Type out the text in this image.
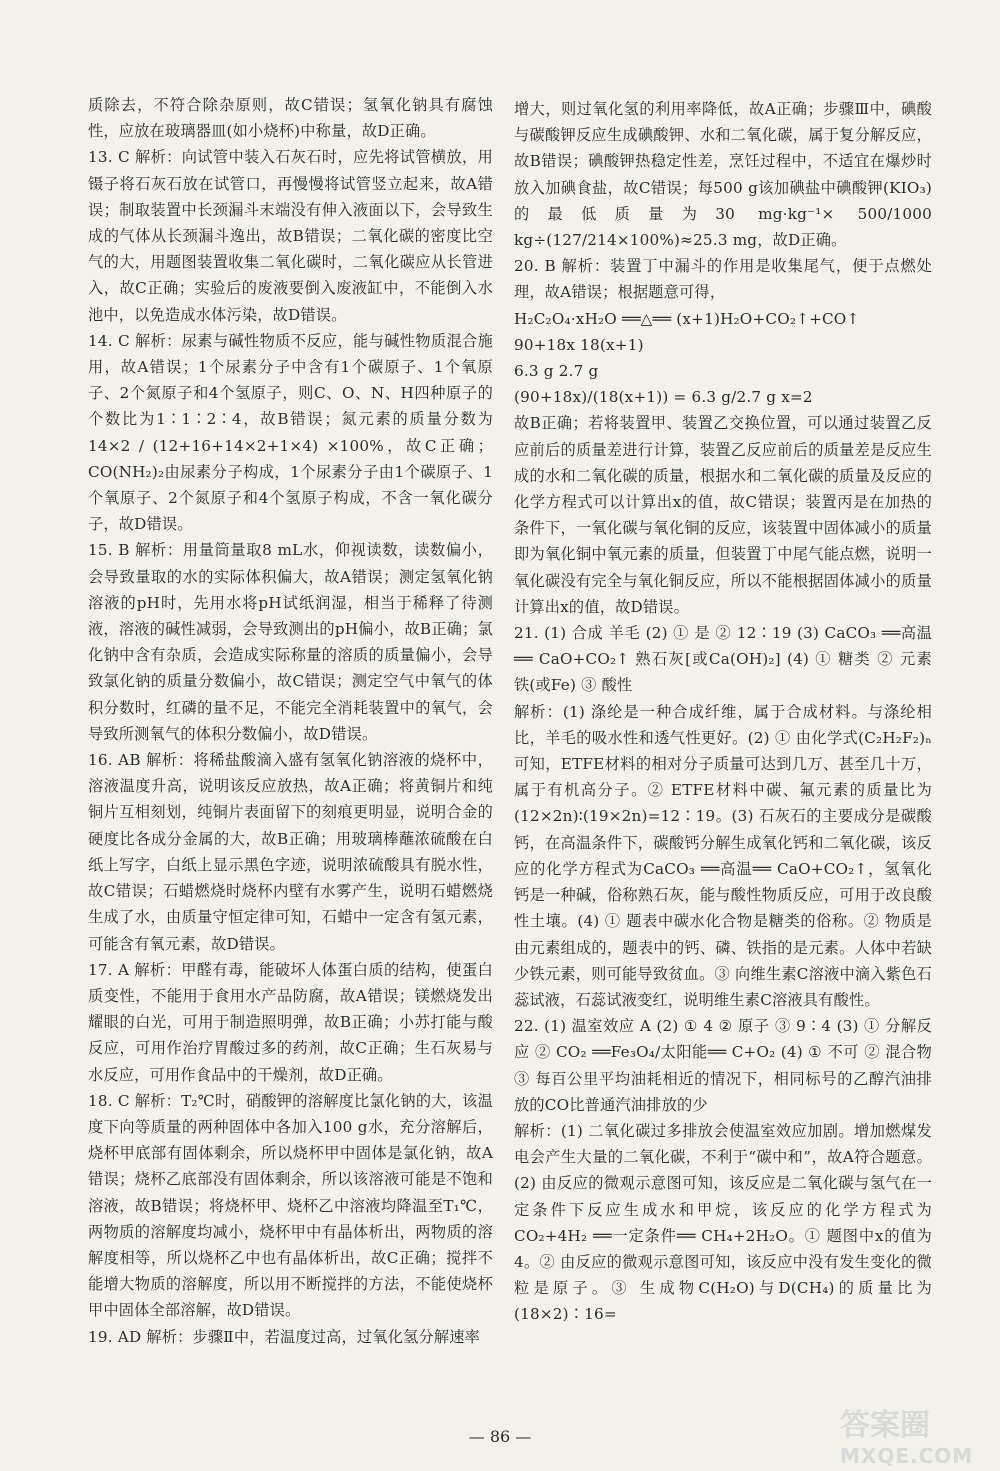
质除去，不符合除杂原则，故C错误；氢氧化钠具有腐蚀性，应放在玻璃器皿(如小烧杯)中称量，故D正确。

13. C 解析：向试管中装入石灰石时，应先将试管横放，用镊子将石灰石放在试管口，再慢慢将试管竖立起来，故A错误；制取装置中长颈漏斗末端没有伸入液面以下，会导致生成的气体从长颈漏斗逸出，故B错误；二氧化碳的密度比空气的大，用题图装置收集二氧化碳时，二氧化碳应从长管进入，故C正确；实验后的废液要倒入废液缸中，不能倒入水池中，以免造成水体污染，故D错误。

14. C 解析：尿素与碱性物质不反应，能与碱性物质混合施用，故A错误；1个尿素分子中含有1个碳原子、1个氧原子、2个氮原子和4个氢原子，则C、O、N、H四种原子的个数比为1∶1∶2∶4，故B错误；氮元素的质量分数为 14×2 / (12+16+14×2+1×4) ×100%，故C正确；CO(NH₂)₂由尿素分子构成，1个尿素分子由1个碳原子、1个氧原子、2个氮原子和4个氢原子构成，不含一氧化碳分子，故D错误。

15. B 解析：用量筒量取8 mL水，仰视读数，读数偏小，会导致量取的水的实际体积偏大，故A错误；测定氢氧化钠溶液的pH时，先用水将pH试纸润湿，相当于稀释了待测液，溶液的碱性减弱，会导致测出的pH偏小，故B正确；氯化钠中含有杂质，会造成实际称量的溶质的质量偏小，会导致氯化钠的质量分数偏小，故C错误；测定空气中氧气的体积分数时，红磷的量不足，不能完全消耗装置中的氧气，会导致所测氧气的体积分数偏小，故D错误。

16. AB 解析：将稀盐酸滴入盛有氢氧化钠溶液的烧杯中，溶液温度升高，说明该反应放热，故A正确；将黄铜片和纯铜片互相刻划，纯铜片表面留下的刻痕更明显，说明合金的硬度比各成分金属的大，故B正确；用玻璃棒蘸浓硫酸在白纸上写字，白纸上显示黑色字迹，说明浓硫酸具有脱水性，故C错误；石蜡燃烧时烧杯内壁有水雾产生，说明石蜡燃烧生成了水，由质量守恒定律可知，石蜡中一定含有氢元素，可能含有氧元素，故D错误。

17. A 解析：甲醛有毒，能破坏人体蛋白质的结构，使蛋白质变性，不能用于食用水产品防腐，故A错误；镁燃烧发出耀眼的白光，可用于制造照明弹，故B正确；小苏打能与酸反应，可用作治疗胃酸过多的药剂，故C正确；生石灰易与水反应，可用作食品中的干燥剂，故D正确。

18. C 解析：T₂℃时，硝酸钾的溶解度比氯化钠的大，该温度下向等质量的两种固体中各加入100 g水，充分溶解后，烧杯甲底部有固体剩余，所以烧杯甲中固体是氯化钠，故A错误；烧杯乙底部没有固体剩余，所以该溶液可能是不饱和溶液，故B错误；将烧杯甲、烧杯乙中溶液均降温至T₁℃，两物质的溶解度均减小，烧杯甲中有晶体析出，两物质的溶解度相等，所以烧杯乙中也有晶体析出，故C正确；搅拌不能增大物质的溶解度，所以用不断搅拌的方法，不能使烧杯甲中固体全部溶解，故D错误。

19. AD 解析：步骤Ⅱ中，若温度过高，过氧化氢分解速率

增大，则过氧化氢的利用率降低，故A正确；步骤Ⅲ中，碘酸与碳酸钾反应生成碘酸钾、水和二氧化碳，属于复分解反应，故B错误；碘酸钾热稳定性差，烹饪过程中，不适宜在爆炒时放入加碘食盐，故C错误；每500 g该加碘盐中碘酸钾(KIO₃)的最低质量为30 mg·kg⁻¹× 500/1000 kg÷(127/214×100%)≈25.3 mg，故D正确。

20. B 解析：装置丁中漏斗的作用是收集尾气，便于点燃处理，故A错误；根据题意可得，

H₂C₂O₄·xH₂O ══△══ (x+1)H₂O+CO₂↑+CO↑

90+18x 18(x+1)

6.3 g 2.7 g

(90+18x)/(18(x+1)) = 6.3 g/2.7 g x=2

故B正确；若将装置甲、装置乙交换位置，可以通过装置乙反应前后的质量差进行计算，装置乙反应前后的质量差是反应生成的水和二氧化碳的质量，根据水和二氧化碳的质量及反应的化学方程式可以计算出x的值，故C错误；装置丙是在加热的条件下，一氧化碳与氧化铜的反应，该装置中固体减小的质量即为氧化铜中氧元素的质量，但装置丁中尾气能点燃，说明一氧化碳没有完全与氧化铜反应，所以不能根据固体减小的质量计算出x的值，故D错误。

21. (1) 合成 羊毛 (2) ① 是 ② 12∶19 (3) CaCO₃ ══高温══ CaO+CO₂↑ 熟石灰[或Ca(OH)₂] (4) ① 糖类 ② 元素 铁(或Fe) ③ 酸性

解析：(1) 涤纶是一种合成纤维，属于合成材料。与涤纶相比，羊毛的吸水性和透气性更好。(2) ① 由化学式(C₂H₂F₂)ₙ可知，ETFE材料的相对分子质量可达到几万、甚至几十万，属于有机高分子。② ETFE材料中碳、氟元素的质量比为(12×2n)∶(19×2n)=12∶19。(3) 石灰石的主要成分是碳酸钙，在高温条件下，碳酸钙分解生成氧化钙和二氧化碳，该反应的化学方程式为CaCO₃ ══高温══ CaO+CO₂↑，氢氧化钙是一种碱，俗称熟石灰，能与酸性物质反应，可用于改良酸性土壤。(4) ① 题表中碳水化合物是糖类的俗称。② 物质是由元素组成的，题表中的钙、磷、铁指的是元素。人体中若缺少铁元素，则可能导致贫血。③ 向维生素C溶液中滴入紫色石蕊试液，石蕊试液变红，说明维生素C溶液具有酸性。

22. (1) 温室效应 A (2) ① 4 ② 原子 ③ 9∶4 (3) ① 分解反应 ② CO₂ ══Fe₃O₄/太阳能══ C+O₂ (4) ① 不可 ② 混合物 ③ 每百公里平均油耗相近的情况下，相同标号的乙醇汽油排放的CO比普通汽油排放的少

解析：(1) 二氧化碳过多排放会使温室效应加剧。增加燃煤发电会产生大量的二氧化碳，不利于“碳中和”，故A符合题意。(2) 由反应的微观示意图可知，该反应是二氧化碳与氢气在一定条件下反应生成水和甲烷，该反应的化学方程式为CO₂+4H₂ ══一定条件══ CH₄+2H₂O。① 题图中x的值为4。② 由反应的微观示意图可知，该反应中没有发生变化的微粒是原子。③ 生成物C(H₂O)与D(CH₄)的质量比为(18×2)∶16=

— 86 —	答案圈
MXQE.COM
